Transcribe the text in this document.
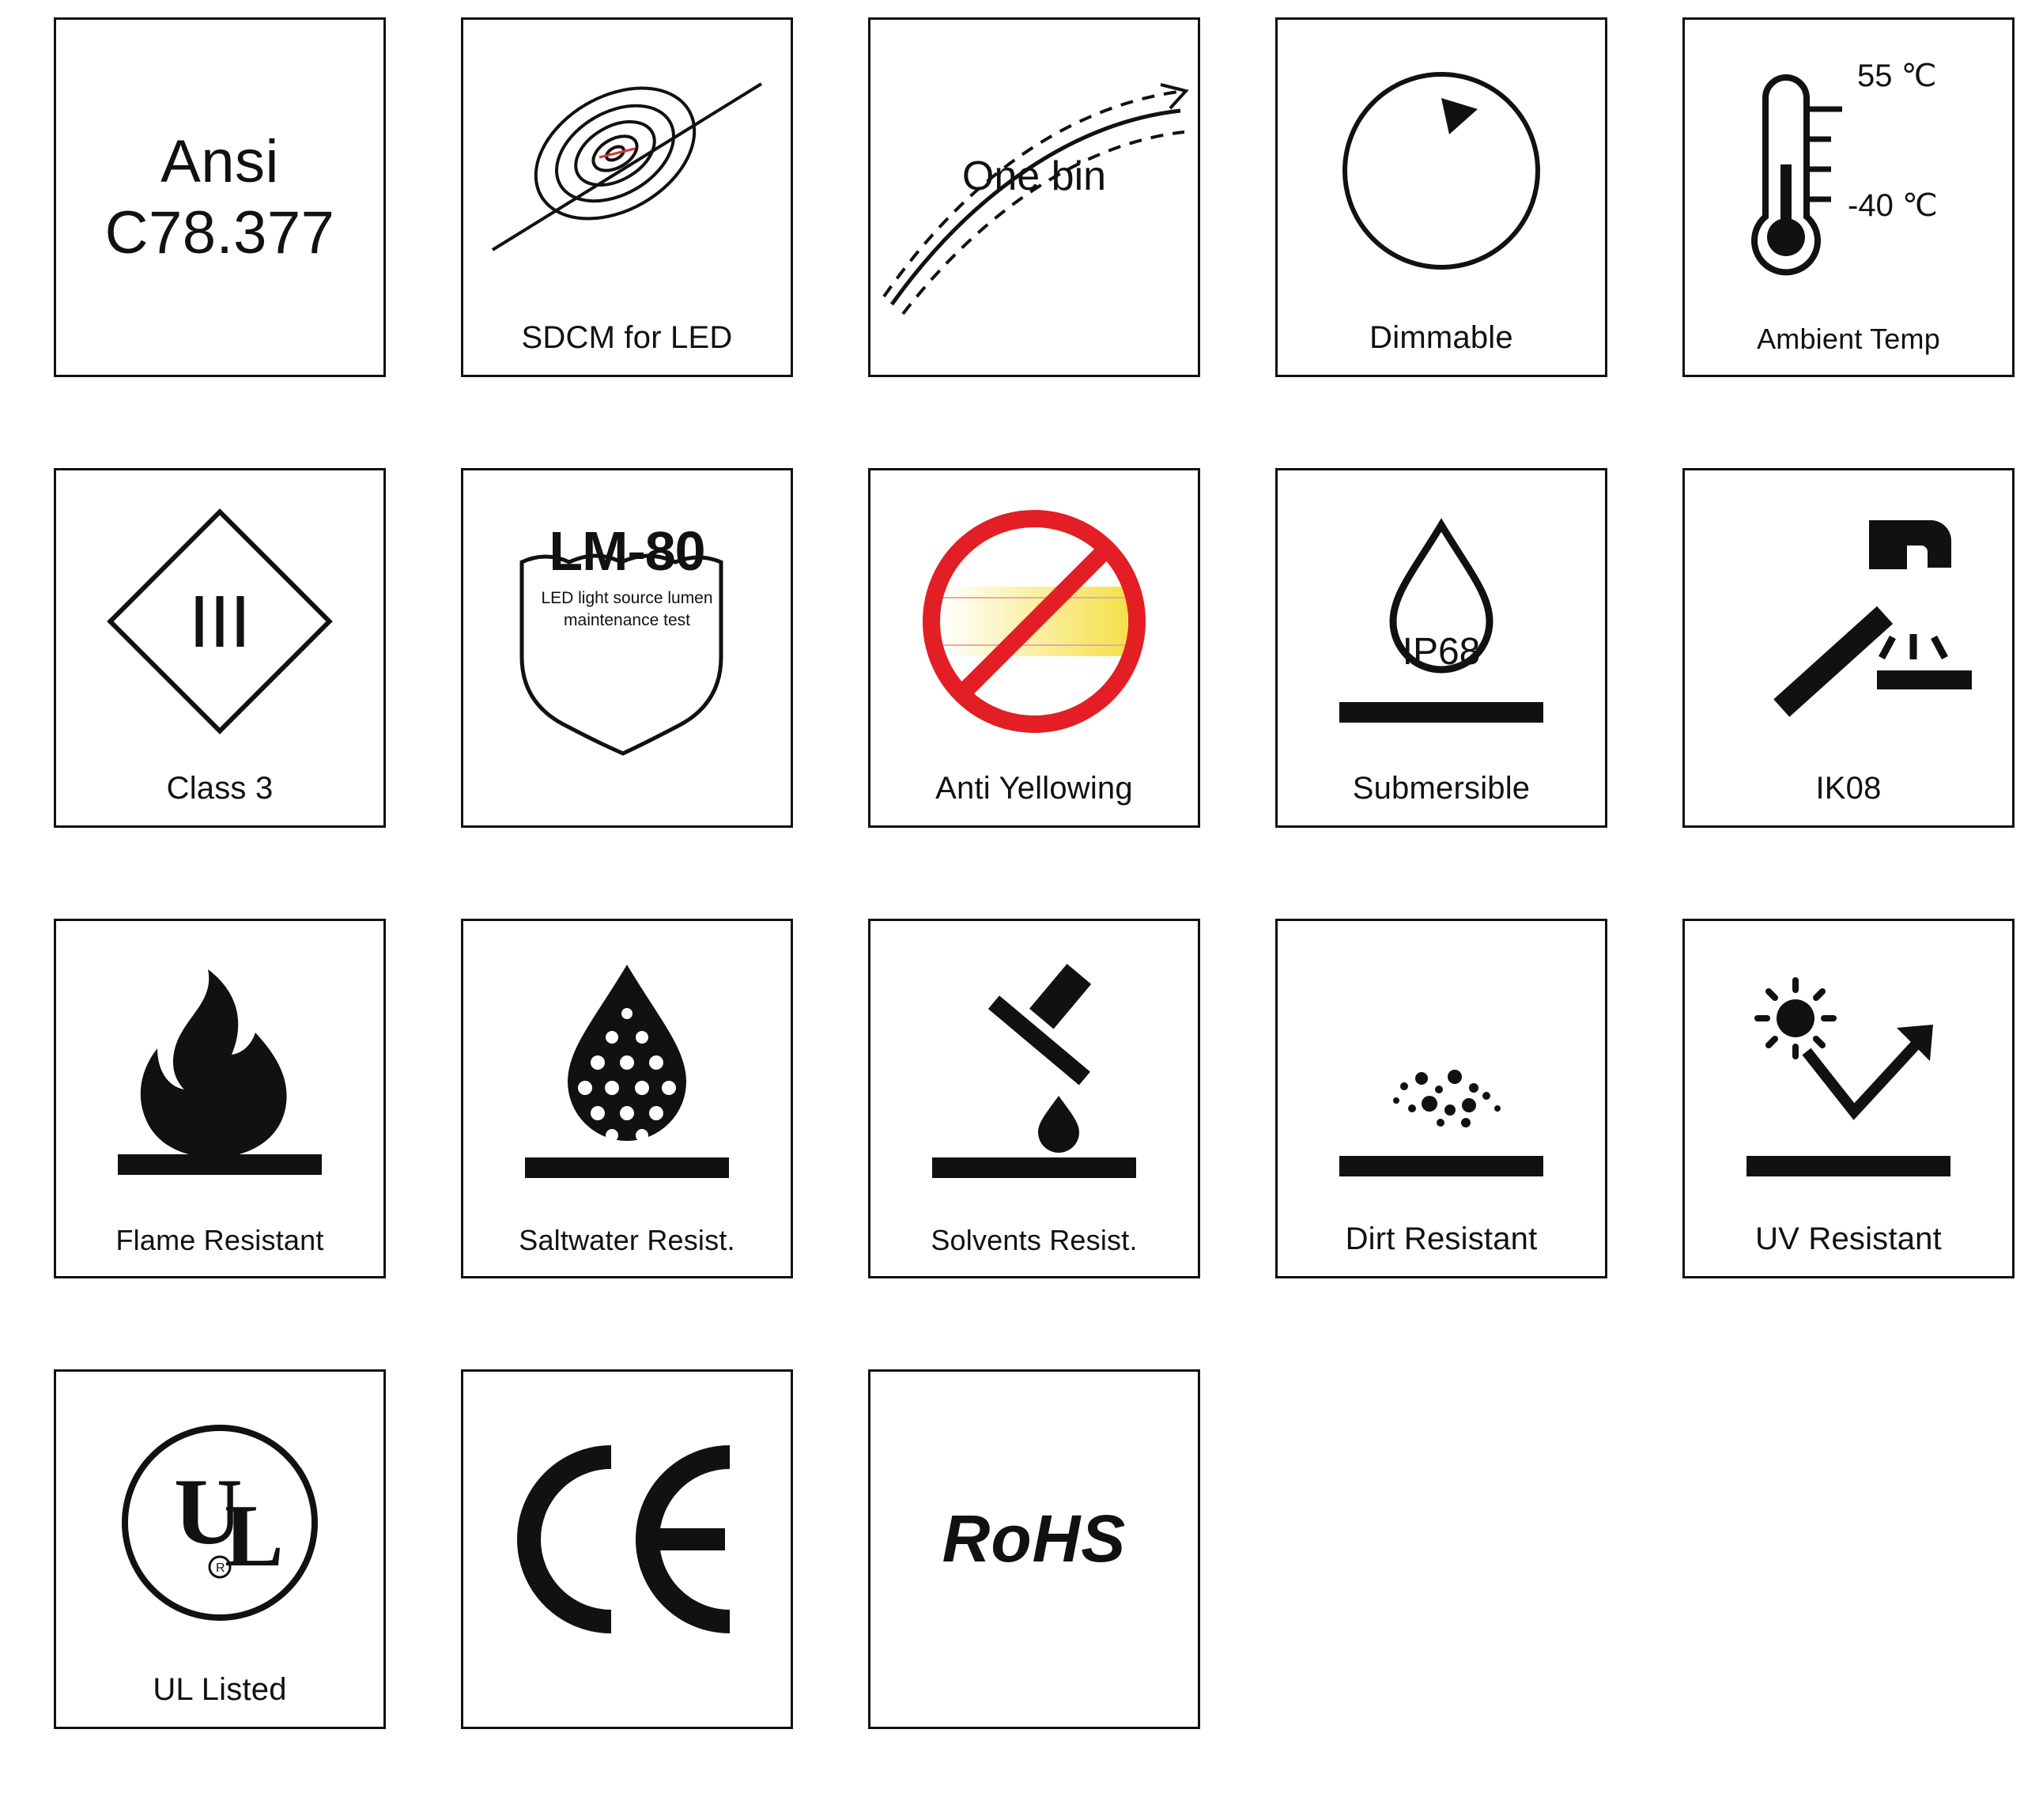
Ansi
C78.377
SDCM for LED
One bin
Dimmable
55 ℃
-40 ℃
Ambient Temp
Class 3
LM-80
LED light source lumen
maintenance test
Anti Yellowing
IP68
Submersible	IK08
Flame Resistant	Saltwater Resist.	Solvents Resist.	Dirt Resistant	UV Resistant
U
L
R
UL Listed
RoHS
